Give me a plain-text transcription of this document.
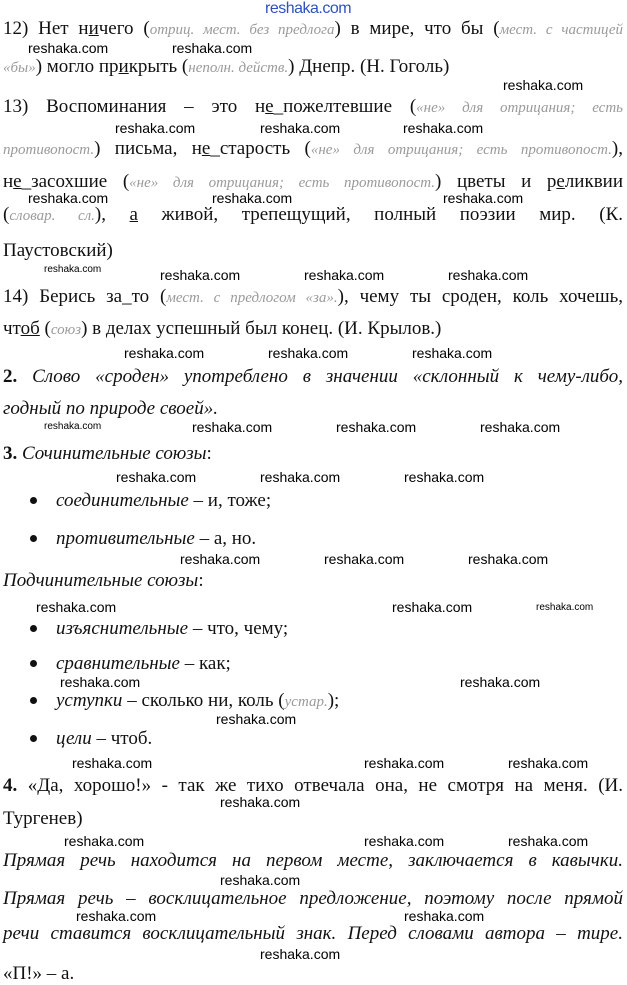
12) Нет ничего (отриц. мест. без предлога) в мире, что бы (мест. с частицей
«бы») могло прикрыть (неполн. действ.) Днепр. (Н. Гоголь)
13) Воспоминания – это не_пожелтевшие («не» для отрицания; есть
противопост.) письма, не_старость («не» для отрицания; есть противопост.),
не_засохшие («не» для отрицания; есть противопост.) цветы и реликвии
(словар. сл.), а живой, трепещущий, полный поэзии мир. (К.
Паустовский)
14) Берись за_то (мест. с предлогом «за».), чему ты сроден, коль хочешь,
чтоб (союз) в делах успешный был конец. (И. Крылов.)
2. Слово «сроден» употреблено в значении «склонный к чему-либо,
годный по природе своей».
3. Сочинительные союзы:
соединительные – и, тоже;
противительные – а, но.
Подчинительные союзы:
изъяснительные – что, чему;
сравнительные – как;
уступки – сколько ни, коль (устар.);
цели – чтоб.
4. «Да, хорошо!» - так же тихо отвечала она, не смотря на меня. (И.
Тургенев)
Прямая речь находится на первом месте, заключается в кавычки.
Прямая речь – восклицательное предложение, поэтому после прямой
речи ставится восклицательный знак. Перед словами автора – тире.
«П!» – а.
reshaka.com
reshaka.com	reshaka.com
reshaka.com
reshaka.com	reshaka.com	reshaka.com
reshaka.com	reshaka.com	reshaka.com
reshaka.com	reshaka.com	reshaka.com	reshaka.com
reshaka.com	reshaka.com	reshaka.com
reshaka.com	reshaka.com	reshaka.com	reshaka.com
reshaka.com	reshaka.com	reshaka.com
reshaka.com	reshaka.com	reshaka.com
reshaka.com	reshaka.com	reshaka.com
reshaka.com	reshaka.com
reshaka.com
reshaka.com	reshaka.com	reshaka.com
reshaka.com
reshaka.com	reshaka.com	reshaka.com
reshaka.com
reshaka.com	reshaka.com
reshaka.com
